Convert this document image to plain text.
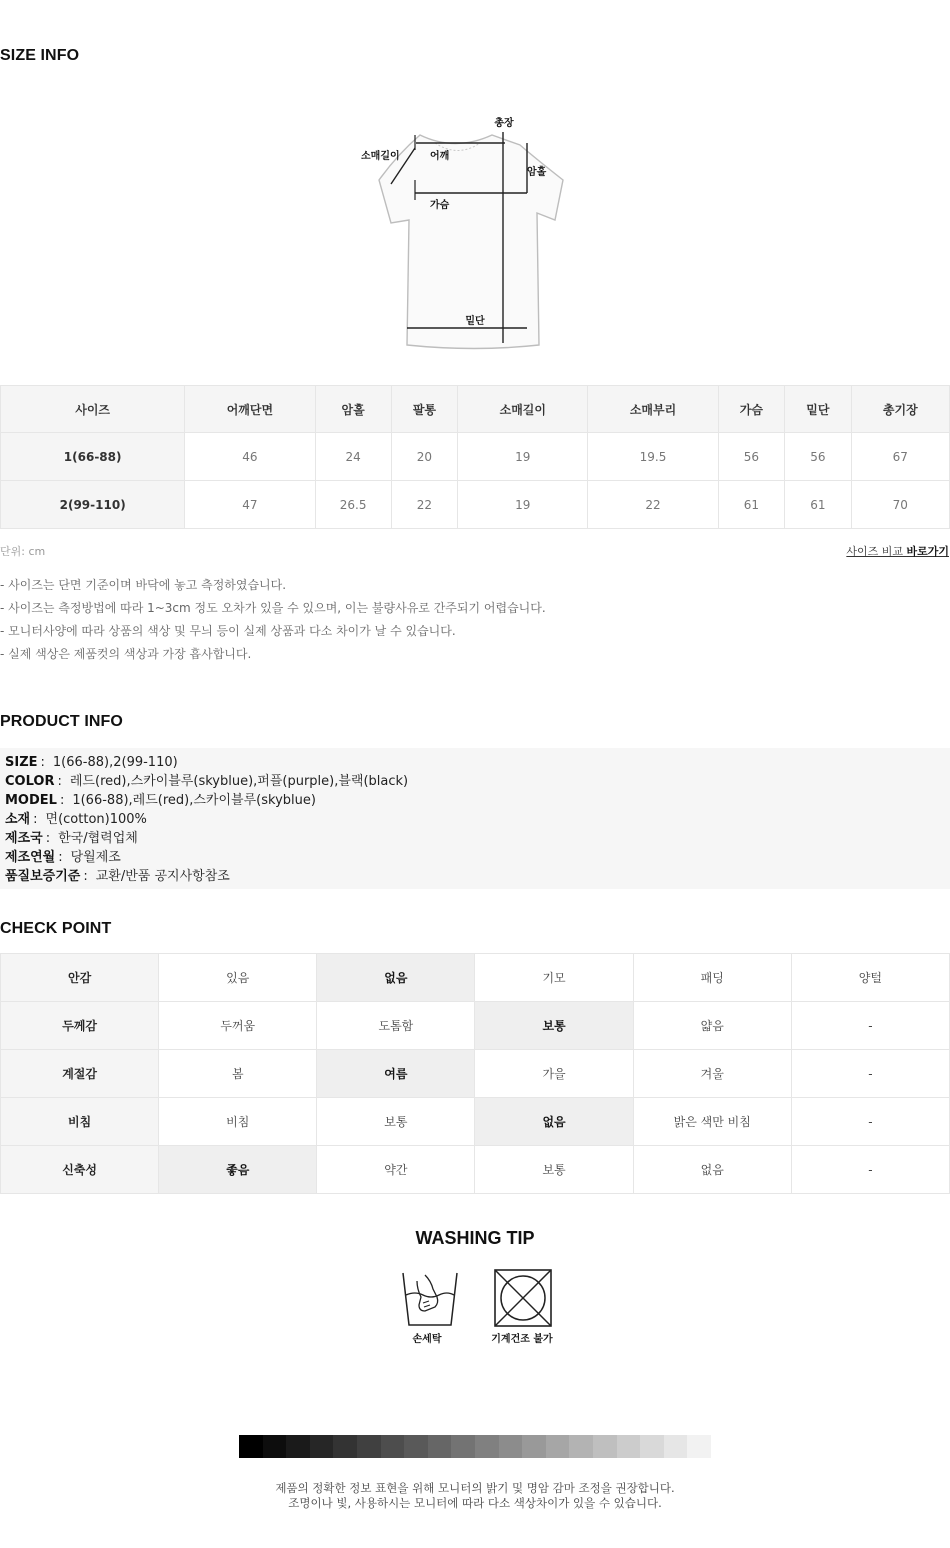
SIZE INFO
총장
소매길이	어깨
암홀
가슴
밑단
사이즈	어깨단면	암홀	팔통	소매길이	소매부리	가슴	밑단	총기장
1(66-88)	46	24	20	19	19.5	56	56	67
2(99-110)	47	26.5	22	19	22	61	61	70
단위: cm	사이즈 비교 바로가기
- 사이즈는 단면 기준이며 바닥에 놓고 측정하였습니다.
- 사이즈는 측정방법에 따라 1~3cm 정도 오차가 있을 수 있으며, 이는 불량사유로 간주되기 어렵습니다.
- 모니터사양에 따라 상품의 색상 및 무늬 등이 실제 상품과 다소 차이가 날 수 있습니다.
- 실제 색상은 제품컷의 색상과 가장 흡사합니다.
PRODUCT INFO
SIZE : 1(66-88),2(99-110)
COLOR : 레드(red),스카이블루(skyblue),퍼플(purple),블랙(black)
MODEL : 1(66-88),레드(red),스카이블루(skyblue)
소재 : 면(cotton)100%
제조국 : 한국/협력업체
제조연월 : 당월제조
품질보증기준 : 교환/반품 공지사항참조
CHECK POINT
안감	있음	없음	기모	패딩	양털
두께감	두꺼움	도톰함	보통	얇음	-
계절감	봄	여름	가을	겨울	-
비침	비침	보통	없음	밝은 색만 비침	-
신축성	좋음	약간	보통	없음	-
WASHING TIP
손세탁	기계건조 불가
제품의 정확한 정보 표현을 위해 모니터의 밝기 및 명암 감마 조정을 권장합니다.
조명이나 빛, 사용하시는 모니터에 따라 다소 색상차이가 있을 수 있습니다.
